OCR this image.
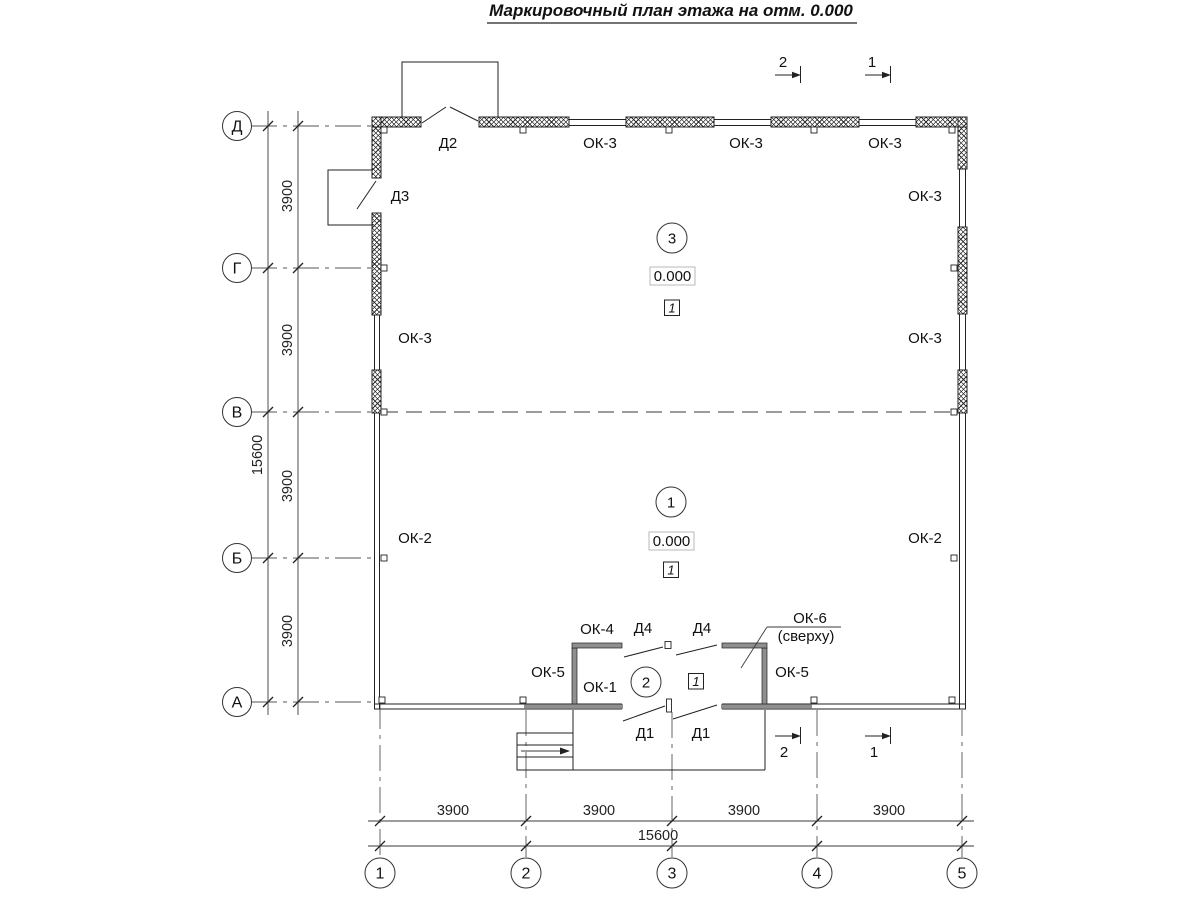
Маркировочный план этажа на отм. 0.000
3900
3900
3900
3900
15600
Д
Г
В
Б
А
3900	3900	3900	3900
15600
1	2	3	4	5
2	1
2	1
3
0.000
1
1
0.000
1
2	1
Д2
Д3
ОК-3	ОК-3	ОК-3
ОК-3
ОК-3
ОК-3
ОК-2	ОК-2
ОК-4 Д4	Д4
ОК-6
(сверху)
ОК-5	ОК-5
ОК-1
Д1 Д1
